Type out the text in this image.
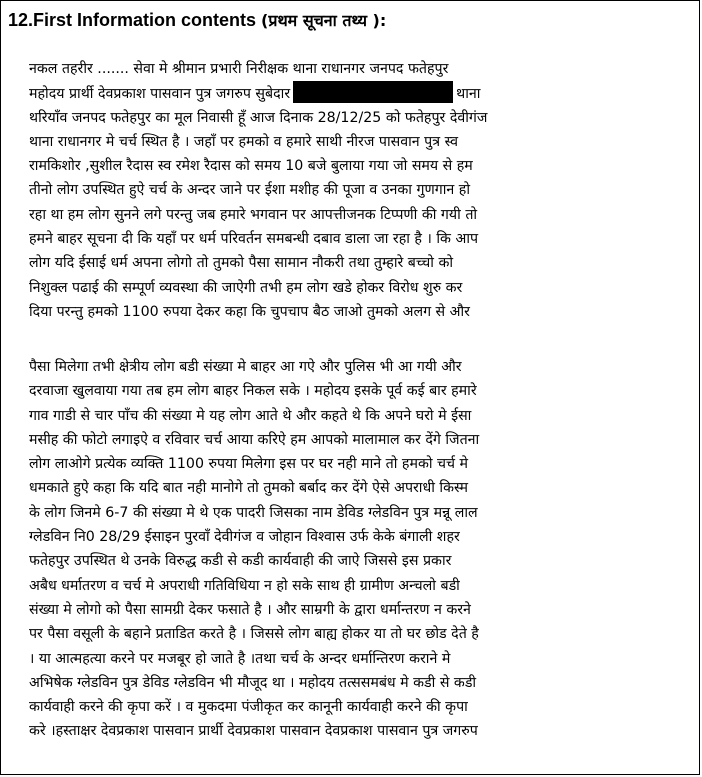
12.First Information contents (प्रथम सूचना तथ्य ):
नकल तहरीर ....... सेवा मे श्रीमान प्रभारी निरीक्षक थाना राधानगर जनपद फतेहपुर
महोदय प्रार्थी देवप्रकाश पासवान पुत्र जगरुप सुबेदार	थाना
थरियाँव जनपद फतेहपुर का मूल निवासी हूँ आज दिनाक 28/12/25 को फतेहपुर देवीगंज
थाना राधानगर मे चर्च स्थित है । जहाँ पर हमको व हमारे साथी नीरज पासवान पुत्र स्व
रामकिशोर ,सुशील रैदास स्व रमेश रैदास को समय 10 बजे बुलाया गया जो समय से हम
तीनो लोग उपस्थित हुऐ चर्च के अन्दर जाने पर ईशा मशीह की पूजा व उनका गुणगान हो
रहा था हम लोग सुनने लगे परन्तु जब हमारे भगवान पर आपत्तीजनक टिप्पणी की गयी तो
हमने बाहर सूचना दी कि यहाँ पर धर्म परिवर्तन समबन्धी दबाव डाला जा रहा है । कि आप
लोग यदि ईसाई धर्म अपना लोगो तो तुमको पैसा सामान नौकरी तथा तुम्हारे बच्चो को
निशुक्ल पढाई की सम्पूर्ण व्यवस्था की जाऐगी तभी हम लोग खडे होकर विरोध शुरु कर
दिया परन्तु हमको 1100 रुपया देकर कहा कि चुपचाप बैठ जाओ तुमको अलग से और
पैसा मिलेगा तभी क्षेत्रीय लोग बडी संख्या मे बाहर आ गऐ और पुलिस भी आ गयी और
दरवाजा खुलवाया गया तब हम लोग बाहर निकल सके । महोदय इसके पूर्व कई बार हमारे
गाव गाडी से चार पाँच की संख्या मे यह लोग आते थे और कहते थे कि अपने घरो मे ईसा
मसीह की फोटो लगाइऐ व रविवार चर्च आया करिऐ हम आपको मालामाल कर देंगे जितना
लोग लाओगे प्रत्येक व्यक्ति 1100 रुपया मिलेगा इस पर घर नही माने तो हमको चर्च मे
धमकाते हुऐ कहा कि यदि बात नही मानोगे तो तुमको बर्बाद कर देंगे ऐसे अपराधी किस्म
के लोग जिनमे 6-7 की संख्या मे थे एक पादरी जिसका नाम डेविड ग्लेडविन पुत्र मन्नू लाल
ग्लेडविन नि0 28/29 ईसाइन पुरवाँ देवीगंज व जोहान विश्वास उर्फ केके बंगाली शहर
फतेहपुर उपस्थित थे उनके विरुद्ध कडी से कडी कार्यवाही की जाऐ जिससे इस प्रकार
अबैध धर्मातरण व चर्च मे अपराधी गतिविधिया न हो सके साथ ही ग्रामीण अन्चलो बडी
संख्या मे लोगो को पैसा सामग्री देकर फसाते है । और साम्रगी के द्वारा धर्मान्तरण न करने
पर पैसा वसूली के बहाने प्रताडित करते है । जिससे लोग बाह्य होकर या तो घर छोड देते है
। या आत्महत्या करने पर मजबूर हो जाते है ।तथा चर्च के अन्दर धर्मान्तिरण कराने मे
अभिषेक ग्लेडविन पुत्र डेविड ग्लेडविन भी मौजूद था । महोदय तत्ससमबंध मे कडी से कडी
कार्यवाही करने की कृपा करें । व मुकदमा पंजीकृत कर कानूनी कार्यवाही करने की कृपा
करे ।हस्ताक्षर देवप्रकाश पासवान प्रार्थी देवप्रकाश पासवान देवप्रकाश पासवान पुत्र जगरुप
